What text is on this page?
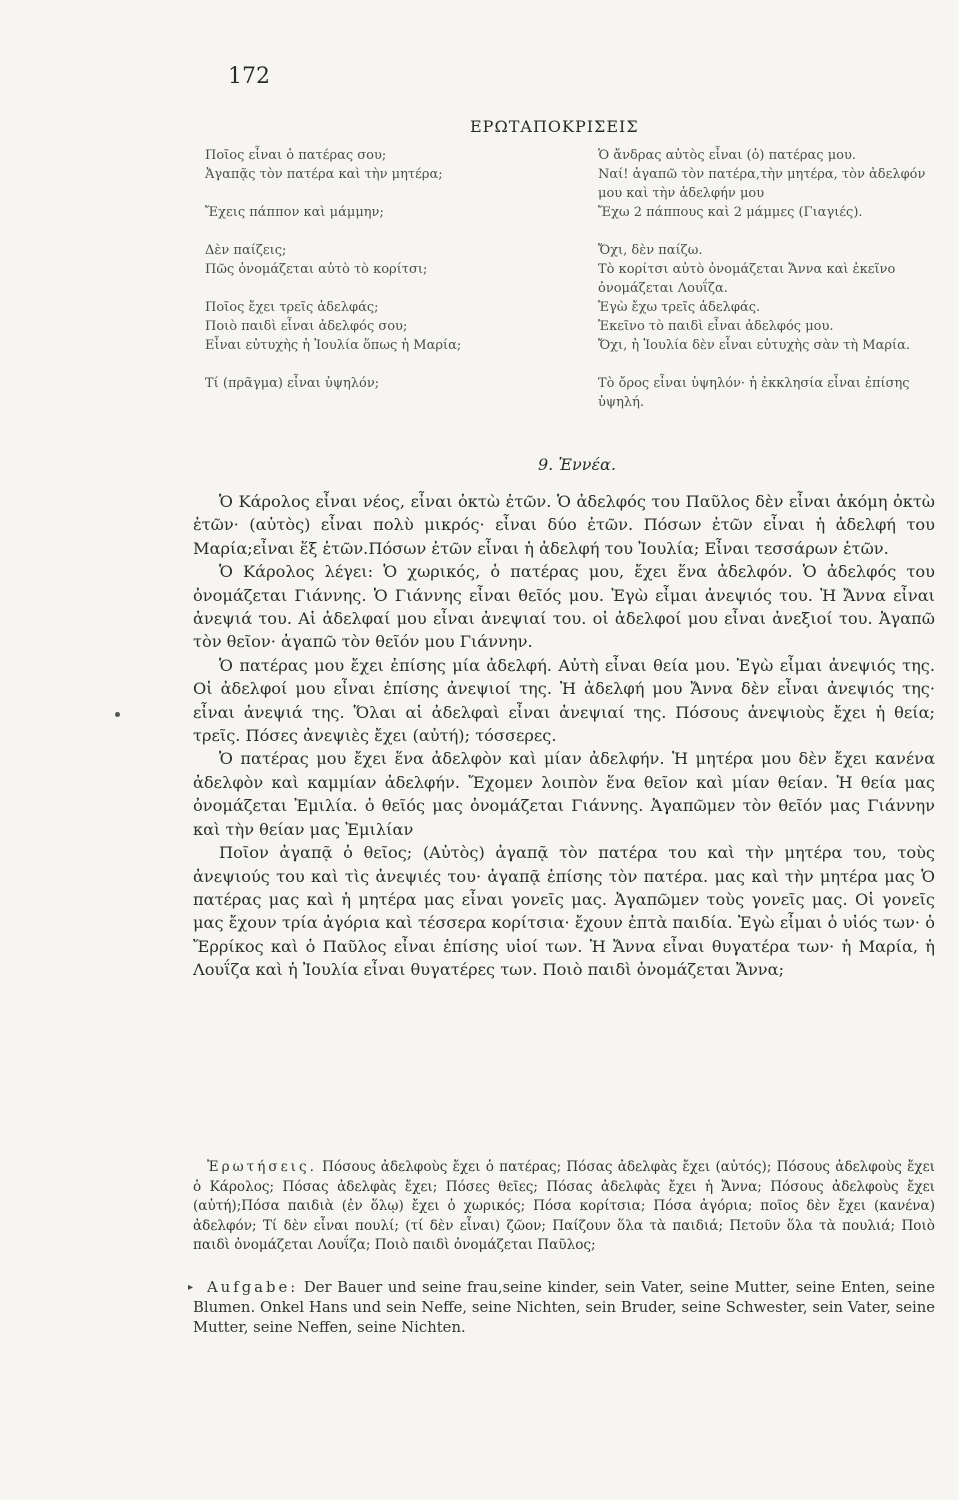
172
ΕΡΩΤΑΠΟΚΡΙΣΕΙΣ
Ποῖος εἶναι ὁ πατέρας σου;	Ὁ ἄνδρας αὐτὸς εἶναι (ὁ) πατέρας μου.
Ἀγαπᾷς τὸν πατέρα καὶ τὴν μητέρα;	Ναί! ἀγαπῶ τὸν πατέρα,τὴν μητέρα, τὸν ἀδελφόν μου καὶ τὴν ἀδελφήν μου
Ἔχεις πάππον καὶ μάμμην;	Ἔχω 2 πάππους καὶ 2 μάμμες (Γιαγιές).
Δὲν παίζεις;	Ὄχι, δὲν παίζω.
Πῶς ὀνομάζεται αὐτὸ τὸ κορίτσι;	Τὸ κορίτσι αὐτὸ ὀνομάζεται Ἄννα καὶ ἐκεῖνο ὀνομάζεται Λουΐζα.
Ποῖος ἔχει τρεῖς ἀδελφάς;	Ἐγὼ ἔχω τρεῖς ἀδελφάς.
Ποιὸ παιδὶ εἶναι ἀδελφός σου;	Ἐκεῖνο τὸ παιδὶ εἶναι ἀδελφός μου.
Εἶναι εὐτυχὴς ἡ Ἰουλία ὅπως ἡ Μαρία;	Ὄχι, ἡ Ἰουλία δὲν εἶναι εὐτυχὴς σὰν τὴ Μαρία.
Τί (πρᾶγμα) εἶναι ὑψηλόν;	Τὸ ὄρος εἶναι ὑψηλόν· ἡ ἐκκλησία εἶναι ἐπίσης ὑψηλή.
9. Ἐννέα.

Ὁ Κάρολος εἶναι νέος, εἶναι ὀκτὼ ἐτῶν. Ὁ ἀδελφός του Παῦλος δὲν εἶναι ἀκόμη ὀκτὼ ἐτῶν· (αὐτὸς) εἶναι πολὺ μικρός· εἶναι δύο ἐτῶν. Πόσων ἐτῶν εἶναι ἡ ἀδελφή του Μαρία;εἶναι ἕξ ἐτῶν.Πόσων ἐτῶν εἶναι ἡ ἀδελφή του Ἰουλία; Εἶναι τεσσάρων ἐτῶν.

Ὁ Κάρολος λέγει: Ὁ χωρικός, ὁ πατέρας μου, ἔχει ἕνα ἀδελφόν. Ὁ ἀδελφός του ὀνομάζεται Γιάννης. Ὁ Γιάννης εἶναι θεῖός μου. Ἐγὼ εἶμαι ἀνεψιός του. Ἡ Ἄννα εἶναι ἀνεψιά του. Αἱ ἀδελφαί μου εἶναι ἀνεψιαί του. οἱ ἀδελφοί μου εἶναι ἀνεξιοί του. Ἀγαπῶ τὸν θεῖον· ἀγαπῶ τὸν θεῖόν μου Γιάννην.

Ὁ πατέρας μου ἔχει ἐπίσης μία ἀδελφή. Αὐτὴ εἶναι θεία μου. Ἐγὼ εἶμαι ἀνεψιός της. Οἱ ἀδελφοί μου εἶναι ἐπίσης ἀνεψιοί της. Ἡ ἀδελφή μου Ἄννα δὲν εἶναι ἀνεψιός της· εἶναι ἀνεψιά της. Ὅλαι αἱ ἀδελφαὶ εἶναι ἀνεψιαί της. Πόσους ἀνεψιοὺς ἔχει ἡ θεία; τρεῖς. Πόσες ἀνεψιὲς ἔχει (αὐτή); τόσσερες.

Ὁ πατέρας μου ἔχει ἕνα ἀδελφὸν καὶ μίαν ἀδελφήν. Ἡ μητέρα μου δὲν ἔχει κανένα ἀδελφὸν καὶ καμμίαν ἀδελφήν. Ἔχομεν λοιπὸν ἕνα θεῖον καὶ μίαν θείαν. Ἡ θεία μας ὀνομάζεται Ἐμιλία. ὁ θεῖός μας ὀνομάζεται Γιάννης. Ἀγαπῶμεν τὸν θεῖόν μας Γιάννην καὶ τὴν θείαν μας Ἐμιλίαν

Ποῖον ἀγαπᾷ ὁ θεῖος; (Αὐτὸς) ἀγαπᾷ τὸν πατέρα του καὶ τὴν μητέρα του, τοὺς ἀνεψιούς του καὶ τὶς ἀνεψιές του· ἀγαπᾷ ἐπίσης τὸν πατέρα. μας καὶ τὴν μητέρα μας Ὁ πατέρας μας καὶ ἡ μητέρα μας εἶναι γονεῖς μας. Ἀγαπῶμεν τοὺς γονεῖς μας. Οἱ γονεῖς μας ἔχουν τρία ἀγόρια καὶ τέσσερα κορίτσια· ἔχουν ἑπτὰ παιδία. Ἐγὼ εἶμαι ὁ υἱός των· ὁ Ἔρρίκος καὶ ὁ Παῦλος εἶναι ἐπίσης υἱοί των. Ἡ Ἄννα εἶναι θυγατέρα των· ἡ Μαρία, ἡ Λουΐζα καὶ ἡ Ἰουλία εἶναι θυγατέρες των. Ποιὸ παιδὶ ὀνομάζεται Ἄννα;

Ἐρωτήσεις. Πόσους ἀδελφοὺς ἔχει ὁ πατέρας; Πόσας ἀδελφὰς ἔχει (αὐτός); Πόσους ἀδελφοὺς ἔχει ὁ Κάρολος; Πόσας ἀδελφὰς ἔχει; Πόσες θεῖες; Πόσας ἀδελφὰς ἔχει ἡ Ἄννα; Πόσους ἀδελφοὺς ἔχει (αὐτή);Πόσα παιδιὰ (ἐν ὅλῳ) ἔχει ὁ χωρικός; Πόσα κορίτσια; Πόσα ἀγόρια; ποῖος δὲν ἔχει (κανένα) ἀδελφόν; Τί δὲν εἶναι πουλί; (τί δὲν εἶναι) ζῶον; Παίζουν ὅλα τὰ παιδιά; Πετοῦν ὅλα τὰ πουλιά; Ποιὸ παιδὶ ὀνομάζεται Λουΐζα; Ποιὸ παιδὶ ὀνομάζεται Παῦλος;

▸ Aufgabe: Der Bauer und seine frau,seine kinder, sein Vater, seine Mutter, seine Enten, seine Blumen. Onkel Hans und sein Neffe, seine Nichten, sein Bruder, seine Schwester, sein Vater, seine Mutter, seine Neffen, seine Nichten.
